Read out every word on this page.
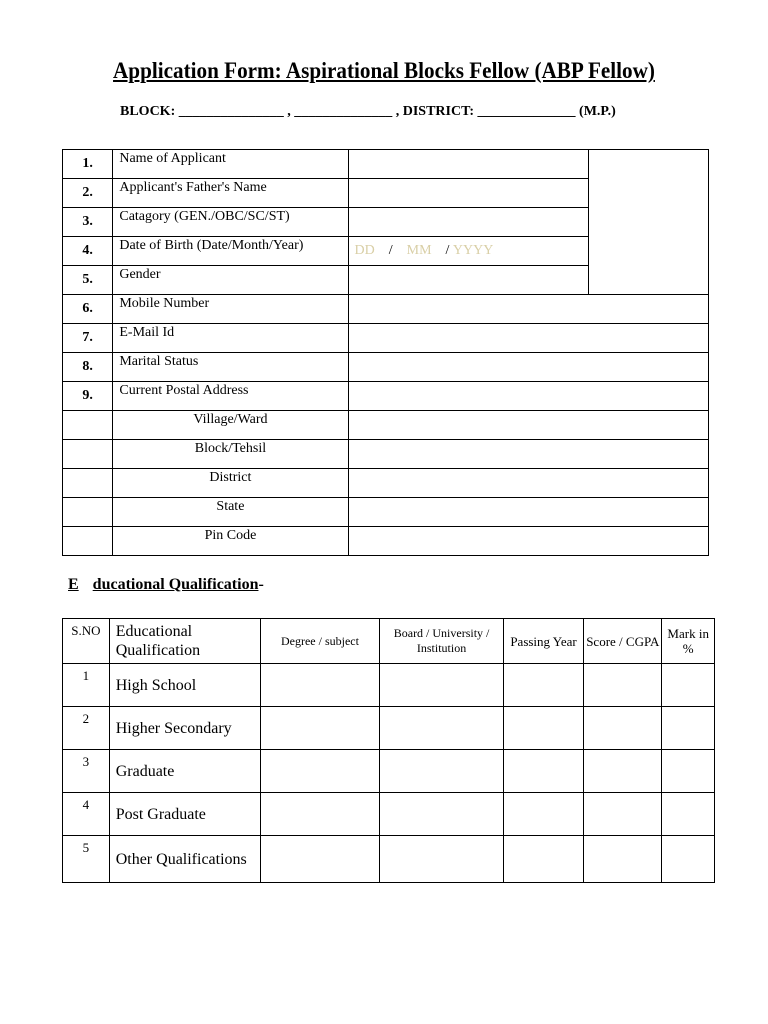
Application Form: Aspirational Blocks Fellow (ABP Fellow)
BLOCK: _______________ , ______________ , DISTRICT: ______________ (M.P.)
1.	Name of Applicant		
2.	Applicant's Father's Name		
3.	Catagory (GEN./OBC/SC/ST)		
4.	Date of Birth (Date/Month/Year)	DD / MM / YYYY	
5.	Gender		
6.	Mobile Number		
7.	E-Mail Id		
8.	Marital Status		
9.	Current Postal Address		
	Village/Ward		
	Block/Tehsil		
	District		
	State		
	Pin Code		
E ducational Qualification-
S.NO	Educational Qualification	Degree / subject	Board / University / Institution	Passing Year	Score / CGPA	Mark in %
1	High School					
2	Higher Secondary					
3	Graduate					
4	Post Graduate					
5	Other Qualifications					
